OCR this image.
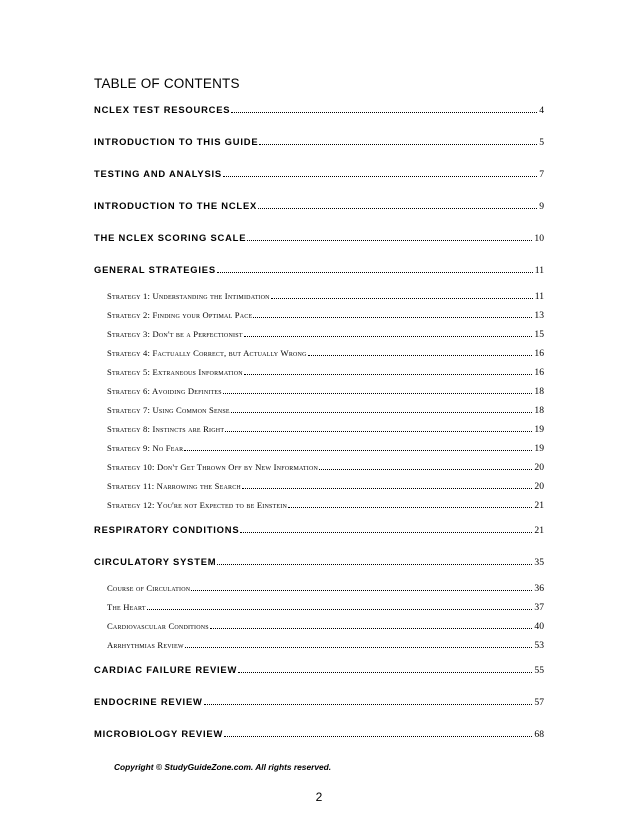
TABLE OF CONTENTS
NCLEX TEST RESOURCES	4
INTRODUCTION TO THIS GUIDE	5
TESTING AND ANALYSIS	7
INTRODUCTION TO THE NCLEX	9
THE NCLEX SCORING SCALE	10
GENERAL STRATEGIES	11
Strategy 1: Understanding the Intimidation	11
Strategy 2: Finding your Optimal Pace	13
Strategy 3: Don't be a Perfectionist	15
Strategy 4: Factually Correct, but Actually Wrong	16
Strategy 5: Extraneous Information	16
Strategy 6: Avoiding Definites	18
Strategy 7: Using Common Sense	18
Strategy 8: Instincts are Right	19
Strategy 9: No Fear	19
Strategy 10: Don't Get Thrown Off by New Information	20
Strategy 11: Narrowing the Search	20
Strategy 12: You're not Expected to be Einstein	21
RESPIRATORY CONDITIONS	21
CIRCULATORY SYSTEM	35
Course of Circulation	36
The Heart	37
Cardiovascular Conditions	40
Arrhythmias Review	53
CARDIAC FAILURE REVIEW	55
ENDOCRINE REVIEW	57
MICROBIOLOGY REVIEW	68
Copyright © StudyGuideZone.com. All rights reserved.
2
